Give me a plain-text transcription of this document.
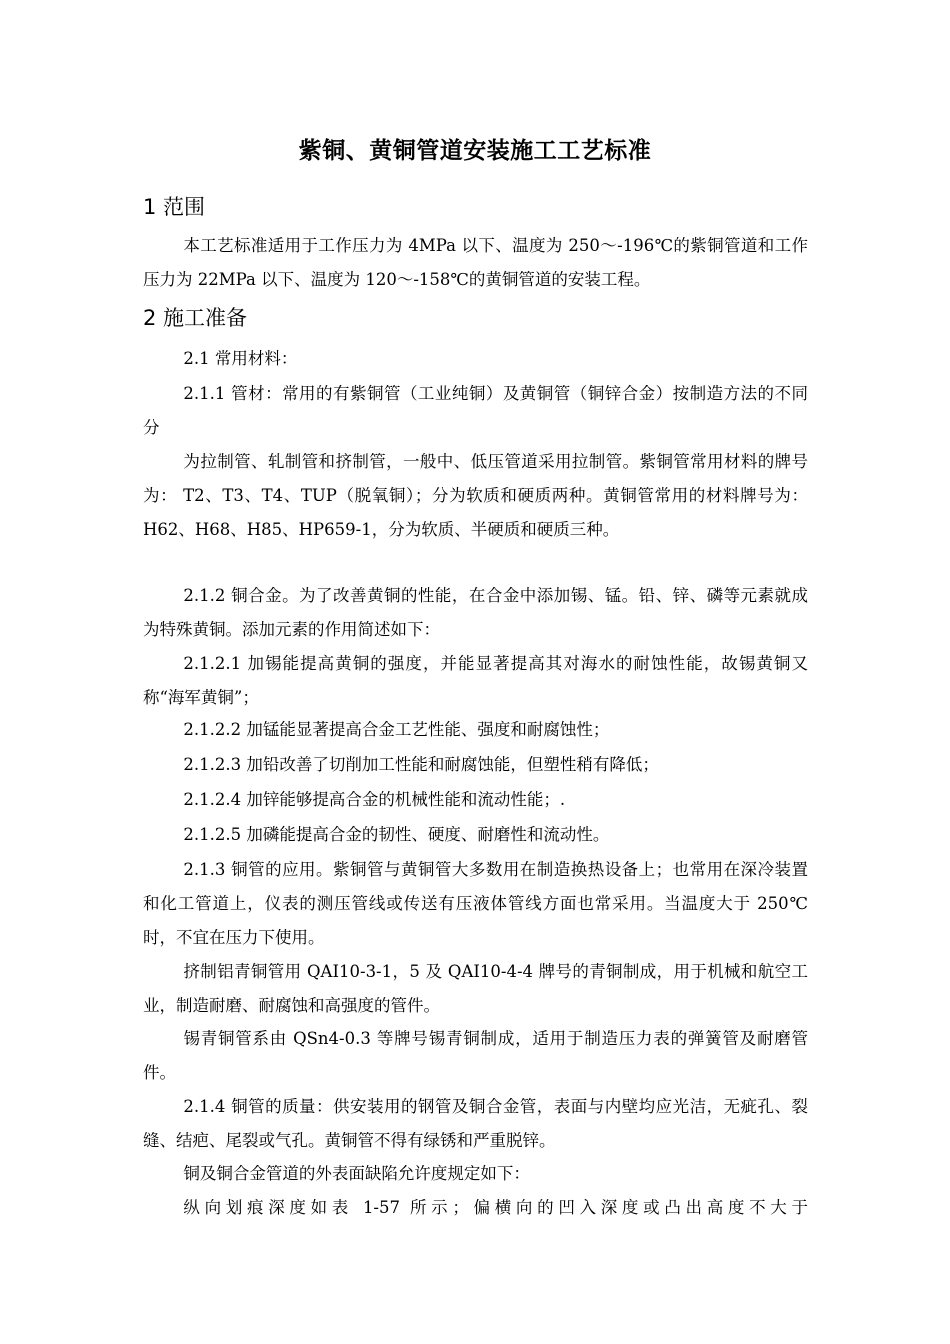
紫铜、黄铜管道安装施工工艺标准
1 范围
本工艺标准适用于工作压力为 4MPa 以下、温度为 250～-196℃的紫铜管道和工作压力为 22MPa 以下、温度为 120～-158℃的黄铜管道的安装工程。
2 施工准备
2.1 常用材料：
2.1.1 管材：常用的有紫铜管（工业纯铜）及黄铜管（铜锌合金）按制造方法的不同分
为拉制管、轧制管和挤制管，一般中、低压管道采用拉制管。紫铜管常用材料的牌号为： T2、T3、T4、TUP（脱氧铜）；分为软质和硬质两种。黄铜管常用的材料牌号为：H62、H68、H85、HP659-1，分为软质、半硬质和硬质三种。
2.1.2 铜合金。为了改善黄铜的性能，在合金中添加锡、锰。铅、锌、磷等元素就成为特殊黄铜。添加元素的作用简述如下：
2.1.2.1 加锡能提高黄铜的强度，并能显著提高其对海水的耐蚀性能，故锡黄铜又称“海军黄铜”；
2.1.2.2 加锰能显著提高合金工艺性能、强度和耐腐蚀性；
2.1.2.3 加铅改善了切削加工性能和耐腐蚀能，但塑性稍有降低；
2.1.2.4 加锌能够提高合金的机械性能和流动性能；.
2.1.2.5 加磷能提高合金的韧性、硬度、耐磨性和流动性。
2.1.3 铜管的应用。紫铜管与黄铜管大多数用在制造换热设备上；也常用在深冷装置和化工管道上，仪表的测压管线或传送有压液体管线方面也常采用。当温度大于 250℃时，不宜在压力下使用。
挤制铝青铜管用 QAI10-3-1，5 及 QAI10-4-4 牌号的青铜制成，用于机械和航空工业，制造耐磨、耐腐蚀和高强度的管件。
锡青铜管系由 QSn4-0.3 等牌号锡青铜制成，适用于制造压力表的弹簧管及耐磨管件。
2.1.4 铜管的质量：供安装用的钢管及铜合金管，表面与内壁均应光洁，无疵孔、裂缝、结疤、尾裂或气孔。黄铜管不得有绿锈和严重脱锌。
铜及铜合金管道的外表面缺陷允许度规定如下：
纵向划痕深度如表 1-57 所示；偏横向的凹入深度或凸出高度不大于
